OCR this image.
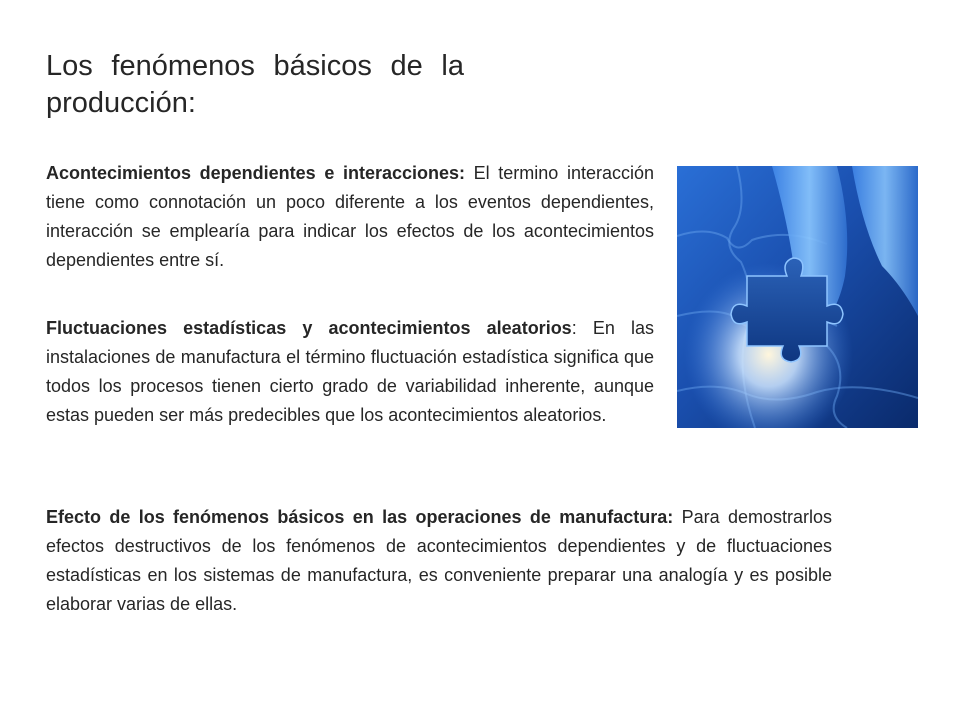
Los fenómenos básicos de la producción:

Acontecimientos dependientes e interacciones: El termino interacción tiene como connotación un poco diferente a los eventos dependientes, interacción se emplearía para indicar los efectos de los acontecimientos dependientes entre sí.

Fluctuaciones estadísticas y acontecimientos aleatorios: En las instalaciones de manufactura el término fluctuación estadística significa que todos los procesos tienen cierto grado de variabilidad inherente, aunque estas pueden ser más predecibles que los acontecimientos aleatorios.

Efecto de los fenómenos básicos en las operaciones de manufactura: Para demostrarlos efectos destructivos de los fenómenos de acontecimientos dependientes y de fluctuaciones estadísticas en los sistemas de manufactura, es conveniente preparar una analogía y es posible elaborar varias de ellas.
